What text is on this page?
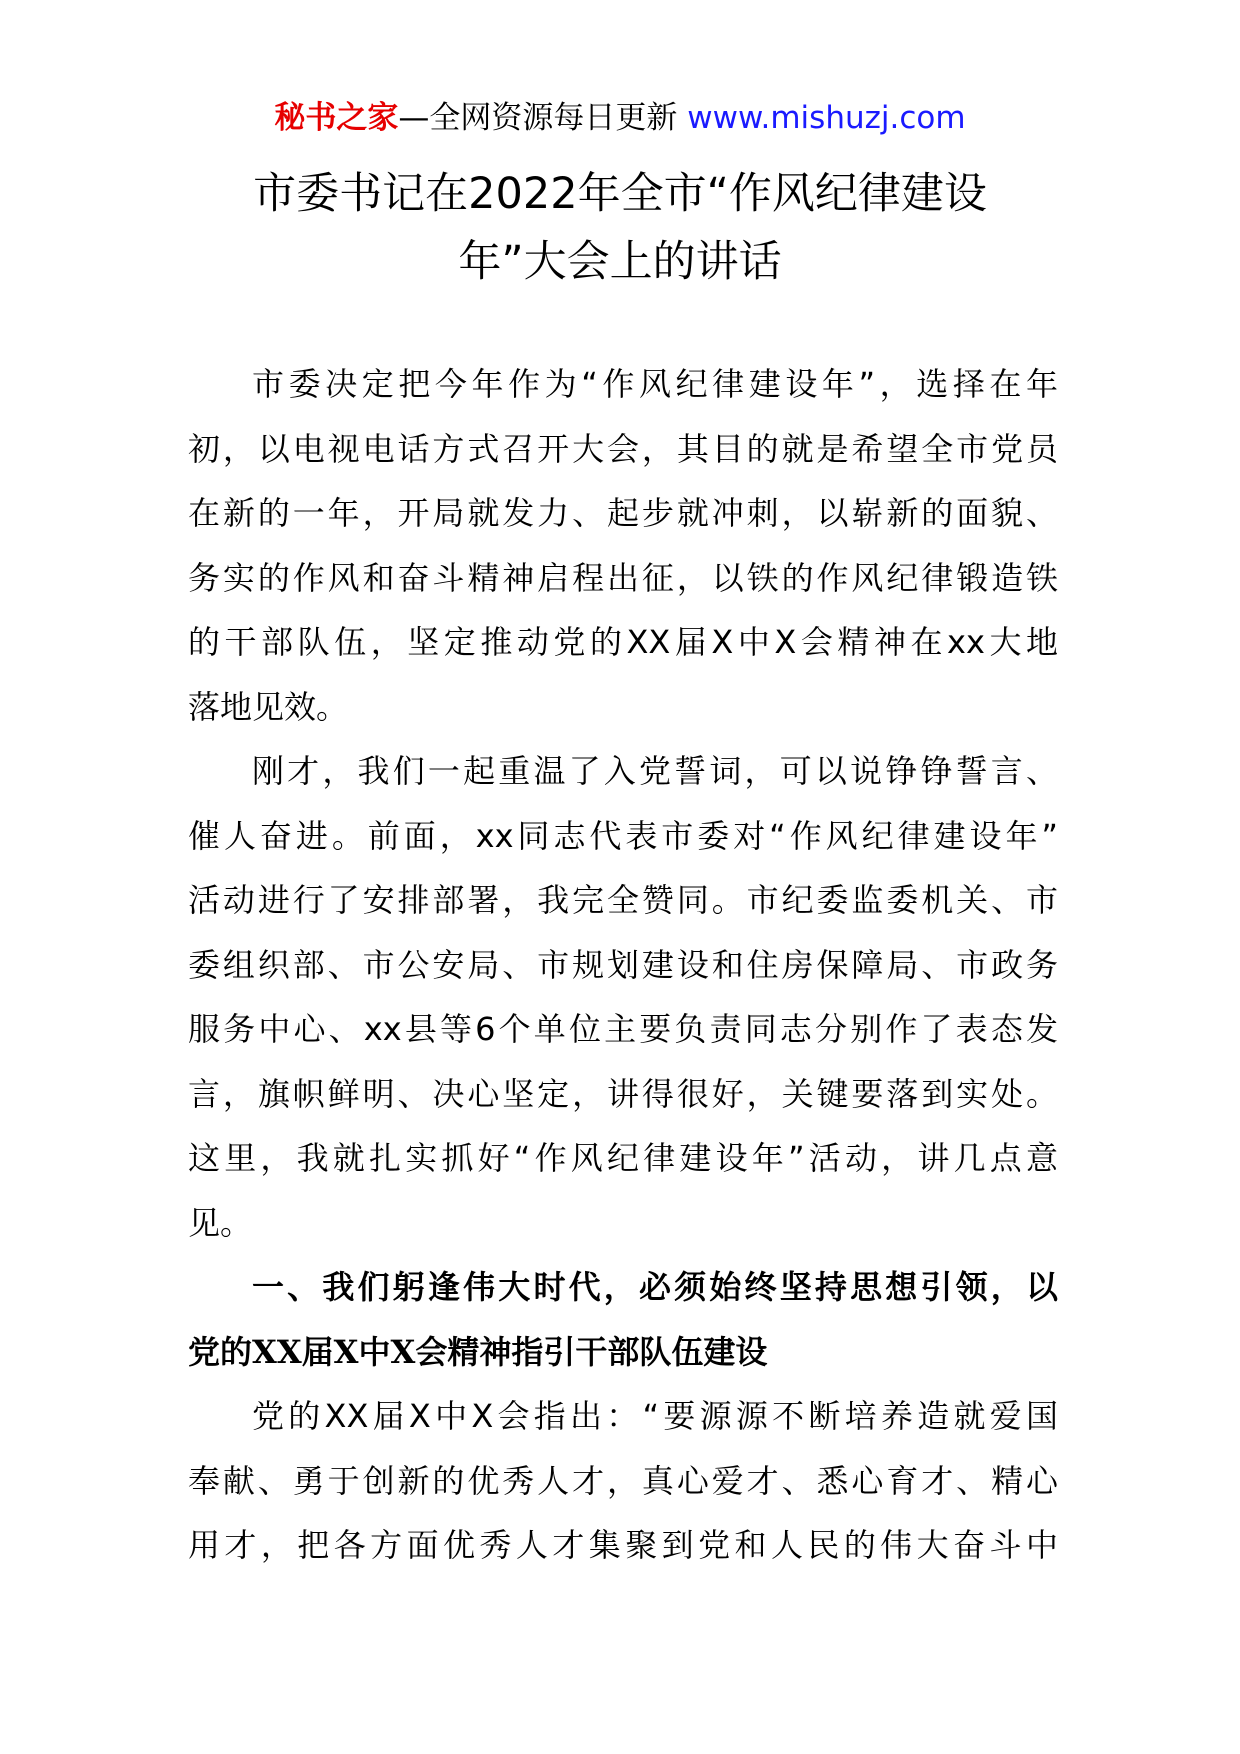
秘书之家—全网资源每日更新 www.mishuzj.com
市委书记在2022年全市“作风纪律建设
年”大会上的讲话

市委决定把今年作为“作风纪律建设年”，选择在年
初，以电视电话方式召开大会，其目的就是希望全市党员
在新的一年，开局就发力、起步就冲刺，以崭新的面貌、
务实的作风和奋斗精神启程出征，以铁的作风纪律锻造铁
的干部队伍，坚定推动党的XX届X中X会精神在xx大地
落地见效。

刚才，我们一起重温了入党誓词，可以说铮铮誓言、
催人奋进。前面，xx同志代表市委对“作风纪律建设年”
活动进行了安排部署，我完全赞同。市纪委监委机关、市
委组织部、市公安局、市规划建设和住房保障局、市政务
服务中心、xx县等6个单位主要负责同志分别作了表态发
言，旗帜鲜明、决心坚定，讲得很好，关键要落到实处。
这里，我就扎实抓好“作风纪律建设年”活动，讲几点意
见。

一、我们躬逢伟大时代，必须始终坚持思想引领，以
党的XX届X中X会精神指引干部队伍建设

党的XX届X中X会指出：“要源源不断培养造就爱国
奉献、勇于创新的优秀人才，真心爱才、悉心育才、精心
用才，把各方面优秀人才集聚到党和人民的伟大奋斗中
